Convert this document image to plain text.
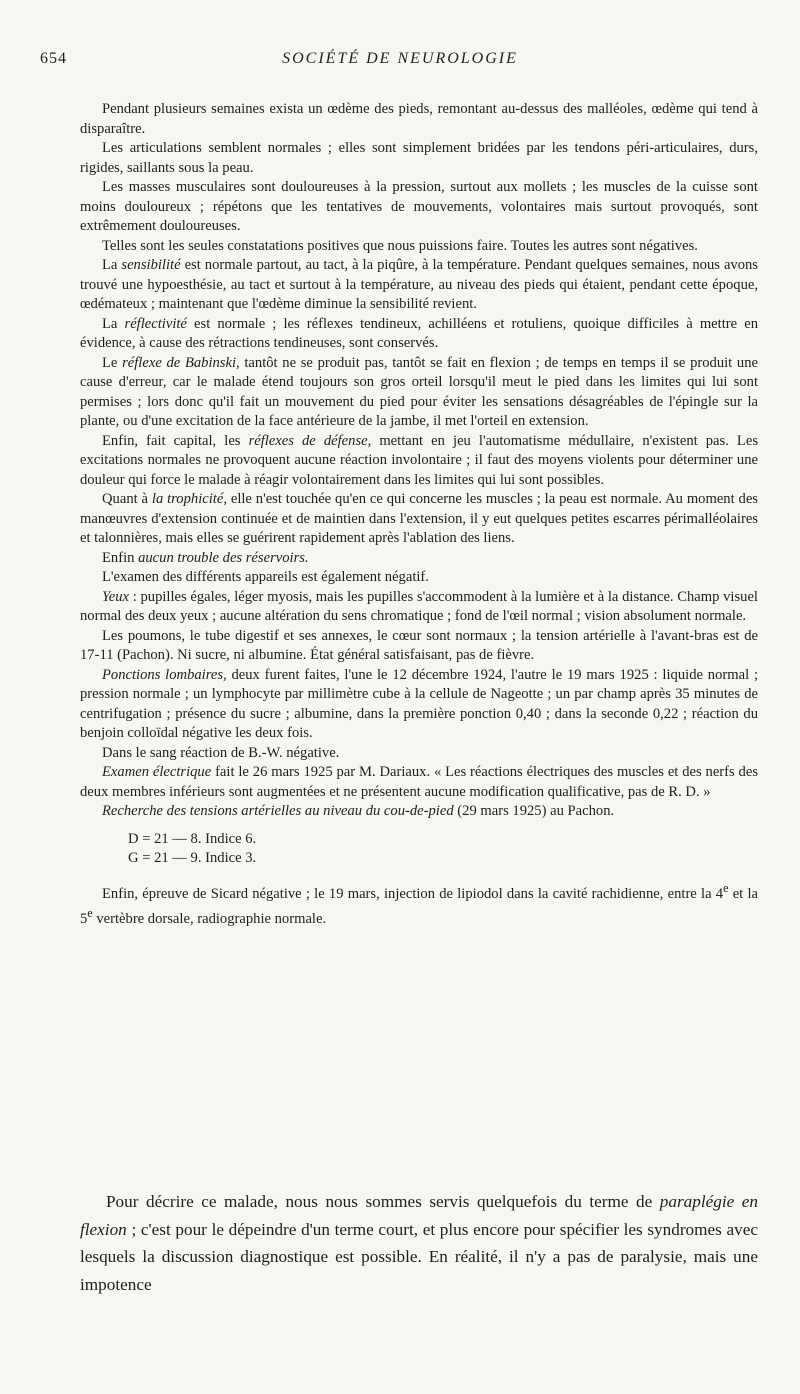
654	SOCIÉTÉ DE NEUROLOGIE

Pendant plusieurs semaines exista un œdème des pieds, remontant au-dessus des malléoles, œdème qui tend à disparaître.

Les articulations semblent normales ; elles sont simplement bridées par les tendons péri-articulaires, durs, rigides, saillants sous la peau.

Les masses musculaires sont douloureuses à la pression, surtout aux mollets ; les muscles de la cuisse sont moins douloureux ; répétons que les tentatives de mouvements, volontaires mais surtout provoqués, sont extrêmement douloureuses.

Telles sont les seules constatations positives que nous puissions faire. Toutes les autres sont négatives.

La sensibilité est normale partout, au tact, à la piqûre, à la température. Pendant quelques semaines, nous avons trouvé une hypoesthésie, au tact et surtout à la température, au niveau des pieds qui étaient, pendant cette époque, œdémateux ; maintenant que l'œdème diminue la sensibilité revient.

La réflectivité est normale ; les réflexes tendineux, achilléens et rotuliens, quoique difficiles à mettre en évidence, à cause des rétractions tendineuses, sont conservés.

Le réflexe de Babinski, tantôt ne se produit pas, tantôt se fait en flexion ; de temps en temps il se produit une cause d'erreur, car le malade étend toujours son gros orteil lorsqu'il meut le pied dans les limites qui lui sont permises ; lors donc qu'il fait un mouvement du pied pour éviter les sensations désagréables de l'épingle sur la plante, ou d'une excitation de la face antérieure de la jambe, il met l'orteil en extension.

Enfin, fait capital, les réflexes de défense, mettant en jeu l'automatisme médullaire, n'existent pas. Les excitations normales ne provoquent aucune réaction involontaire ; il faut des moyens violents pour déterminer une douleur qui force le malade à réagir volontairement dans les limites qui lui sont possibles.

Quant à la trophicité, elle n'est touchée qu'en ce qui concerne les muscles ; la peau est normale. Au moment des manœuvres d'extension continuée et de maintien dans l'extension, il y eut quelques petites escarres périmalléolaires et talonnières, mais elles se guérirent rapidement après l'ablation des liens.

Enfin aucun trouble des réservoirs.

L'examen des différents appareils est également négatif.

Yeux : pupilles égales, léger myosis, mais les pupilles s'accommodent à la lumière et à la distance. Champ visuel normal des deux yeux ; aucune altération du sens chromatique ; fond de l'œil normal ; vision absolument normale.

Les poumons, le tube digestif et ses annexes, le cœur sont normaux ; la tension artérielle à l'avant-bras est de 17-11 (Pachon). Ni sucre, ni albumine. État général satisfaisant, pas de fièvre.

Ponctions lombaires, deux furent faites, l'une le 12 décembre 1924, l'autre le 19 mars 1925 : liquide normal ; pression normale ; un lymphocyte par millimètre cube à la cellule de Nageotte ; un par champ après 35 minutes de centrifugation ; présence du sucre ; albumine, dans la première ponction 0,40 ; dans la seconde 0,22 ; réaction du benjoin colloïdal négative les deux fois.

Dans le sang réaction de B.-W. négative.

Examen électrique fait le 26 mars 1925 par M. Dariaux. « Les réactions électriques des muscles et des nerfs des deux membres inférieurs sont augmentées et ne présentent aucune modification qualificative, pas de R. D. »

Recherche des tensions artérielles au niveau du cou-de-pied (29 mars 1925) au Pachon.

D = 21 — 8. Indice 6.
G = 21 — 9. Indice 3.

Enfin, épreuve de Sicard négative ; le 19 mars, injection de lipiodol dans la cavité rachidienne, entre la 4e et la 5e vertèbre dorsale, radiographie normale.

Pour décrire ce malade, nous nous sommes servis quelquefois du terme de paraplégie en flexion ; c'est pour le dépeindre d'un terme court, et plus encore pour spécifier les syndromes avec lesquels la discussion diagnostique est possible. En réalité, il n'y a pas de paralysie, mais une impotence
